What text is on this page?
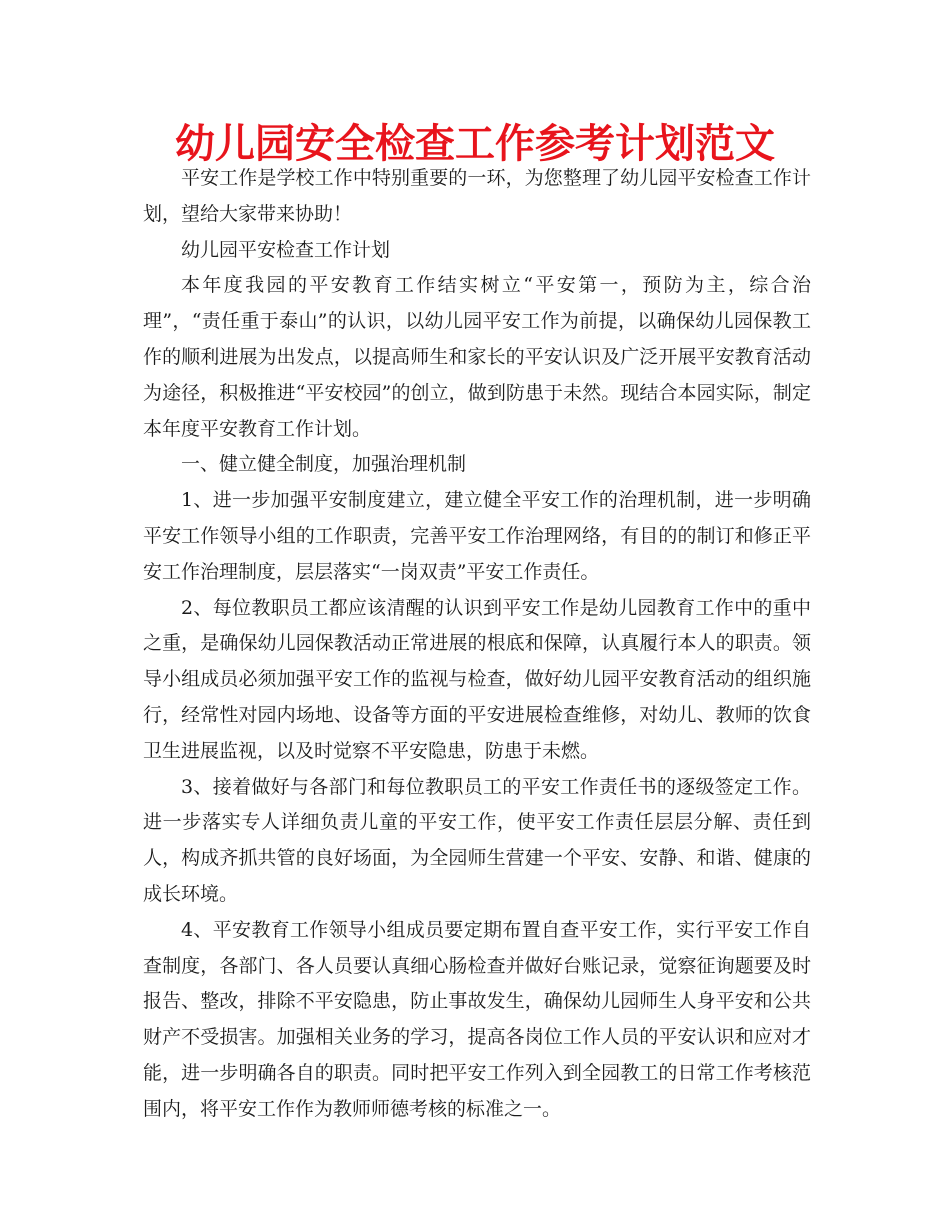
幼儿园安全检查工作参考计划范文

平安工作是学校工作中特别重要的一环，为您整理了幼儿园平安检查工作计划，望给大家带来协助！

幼儿园平安检查工作计划

本年度我园的平安教育工作结实树立“平安第一，预防为主，综合治理”，“责任重于泰山”的认识，以幼儿园平安工作为前提，以确保幼儿园保教工作的顺利进展为出发点，以提高师生和家长的平安认识及广泛开展平安教育活动为途径，积极推进“平安校园”的创立，做到防患于未然。现结合本园实际，制定本年度平安教育工作计划。

一、健立健全制度，加强治理机制

1、进一步加强平安制度建立，建立健全平安工作的治理机制，进一步明确平安工作领导小组的工作职责，完善平安工作治理网络，有目的的制订和修正平安工作治理制度，层层落实“一岗双责”平安工作责任。

2、每位教职员工都应该清醒的认识到平安工作是幼儿园教育工作中的重中之重，是确保幼儿园保教活动正常进展的根底和保障，认真履行本人的职责。领导小组成员必须加强平安工作的监视与检查，做好幼儿园平安教育活动的组织施行，经常性对园内场地、设备等方面的平安进展检查维修，对幼儿、教师的饮食卫生进展监视，以及时觉察不平安隐患，防患于未燃。

3、接着做好与各部门和每位教职员工的平安工作责任书的逐级签定工作。进一步落实专人详细负责儿童的平安工作，使平安工作责任层层分解、责任到人，构成齐抓共管的良好场面，为全园师生营建一个平安、安静、和谐、健康的成长环境。

4、平安教育工作领导小组成员要定期布置自查平安工作，实行平安工作自查制度，各部门、各人员要认真细心肠检查并做好台账记录，觉察征询题要及时报告、整改，排除不平安隐患，防止事故发生，确保幼儿园师生人身平安和公共财产不受损害。加强相关业务的学习，提高各岗位工作人员的平安认识和应对才能，进一步明确各自的职责。同时把平安工作列入到全园教工的日常工作考核范围内，将平安工作作为教师师德考核的标准之一。
